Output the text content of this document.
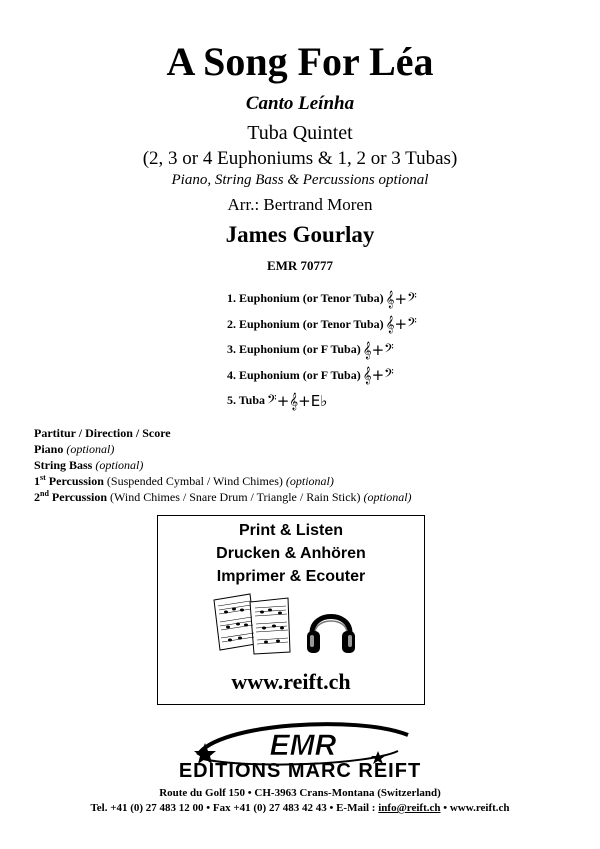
A Song For Léa
Canto Leínha
Tuba Quintet
(2, 3 or 4 Euphoniums & 1, 2 or 3 Tubas)
Piano, String Bass & Percussions optional
Arr.: Bertrand Moren
James Gourlay
EMR 70777
1. Euphonium (or Tenor Tuba) 𝄞+𝄢
2. Euphonium (or Tenor Tuba) 𝄞+𝄢
3. Euphonium (or F Tuba) 𝄞+𝄢
4. Euphonium (or F Tuba) 𝄞+𝄢
5. Tuba 𝄢+𝄞+E♭
Partitur / Direction / Score
Piano (optional)
String Bass (optional)
1st Percussion (Suspended Cymbal / Wind Chimes) (optional)
2nd Percussion (Wind Chimes / Snare Drum / Triangle / Rain Stick) (optional)
Print & Listen
Drucken & Anhören
Imprimer & Ecouter
www.reift.ch
EMR
EDITIONS MARC REIFT
Route du Golf 150 • CH-3963 Crans-Montana (Switzerland)
Tel. +41 (0) 27 483 12 00 • Fax +41 (0) 27 483 42 43 • E-Mail : info@reift.ch • www.reift.ch
